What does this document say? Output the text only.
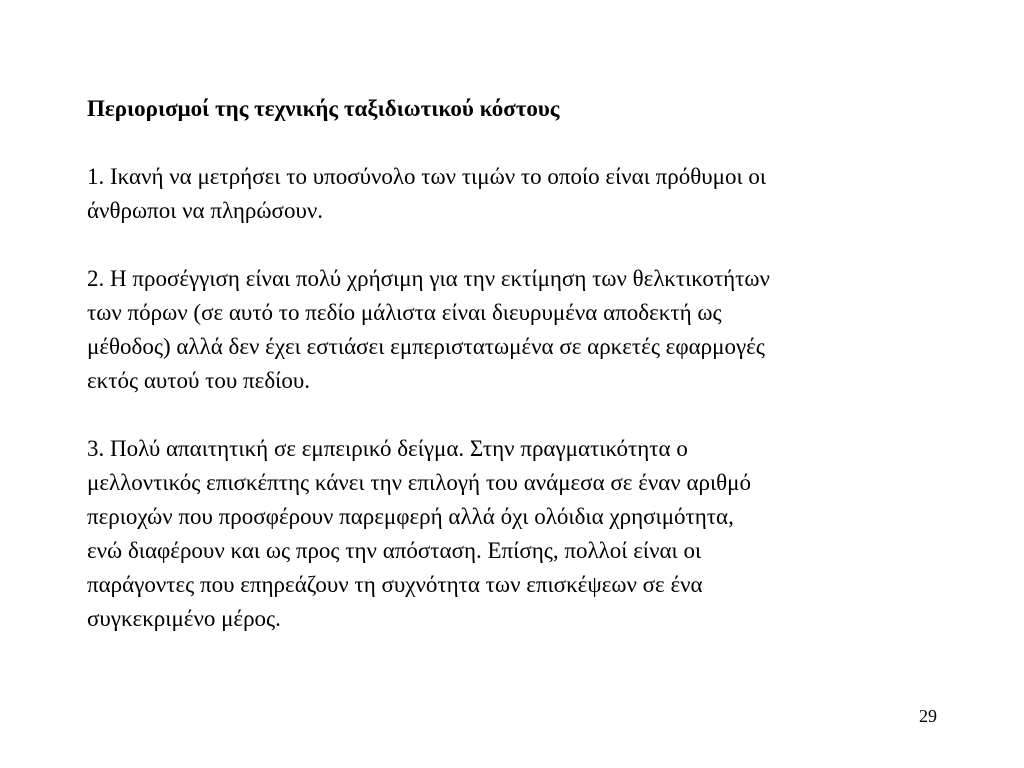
Περιορισμοί της τεχνικής ταξιδιωτικού κόστους
1. Ικανή να μετρήσει το υποσύνολο των τιμών το οποίο είναι πρόθυμοι οι
άνθρωποι να πληρώσουν.
2. Η προσέγγιση είναι πολύ χρήσιμη για την εκτίμηση των θελκτικοτήτων
των πόρων (σε αυτό το πεδίο μάλιστα είναι διευρυμένα αποδεκτή ως
μέθοδος) αλλά δεν έχει εστιάσει εμπεριστατωμένα σε αρκετές εφαρμογές
εκτός αυτού του πεδίου.
3. Πολύ απαιτητική σε εμπειρικό δείγμα. Στην πραγματικότητα ο
μελλοντικός επισκέπτης κάνει την επιλογή του ανάμεσα σε έναν αριθμό
περιοχών που προσφέρουν παρεμφερή αλλά όχι ολόιδια χρησιμότητα,
ενώ διαφέρουν και ως προς την απόσταση. Επίσης, πολλοί είναι οι
παράγοντες που επηρεάζουν τη συχνότητα των επισκέψεων σε ένα
συγκεκριμένο μέρος.
29
